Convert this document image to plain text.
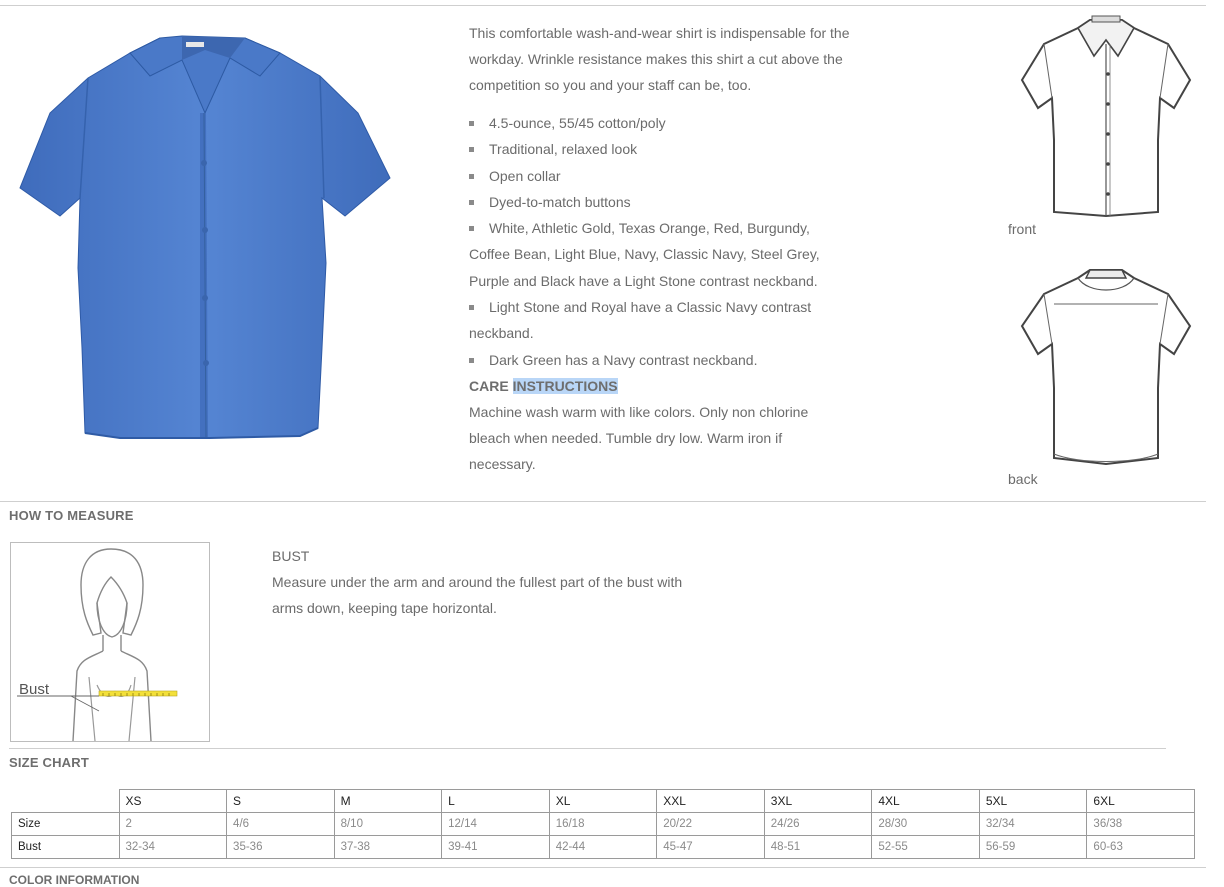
This comfortable wash-and-wear shirt is indispensable for the workday. Wrinkle resistance makes this shirt a cut above the competition so you and your staff can be, too.

4.5-ounce, 55/45 cotton/poly
Traditional, relaxed look
Open collar
Dyed-to-match buttons
White, Athletic Gold, Texas Orange, Red, Burgundy, Coffee Bean, Light Blue, Navy, Classic Navy, Steel Grey, Purple and Black have a Light Stone contrast neckband.
Light Stone and Royal have a Classic Navy contrast neckband.
Dark Green has a Navy contrast neckband.

CARE INSTRUCTIONS

Machine wash warm with like colors. Only non chlorine bleach when needed. Tumble dry low. Warm iron if necessary.

front
back
HOW TO MEASURE
Bust
BUST
Measure under the arm and around the fullest part of the bust with arms down, keeping tape horizontal.
SIZE CHART
	XS	S	M	L	XL	XXL	3XL	4XL	5XL	6XL
Size	2	4/6	8/10	12/14	16/18	20/22	24/26	28/30	32/34	36/38
Bust	32-34	35-36	37-38	39-41	42-44	45-47	48-51	52-55	56-59	60-63
COLOR INFORMATION
